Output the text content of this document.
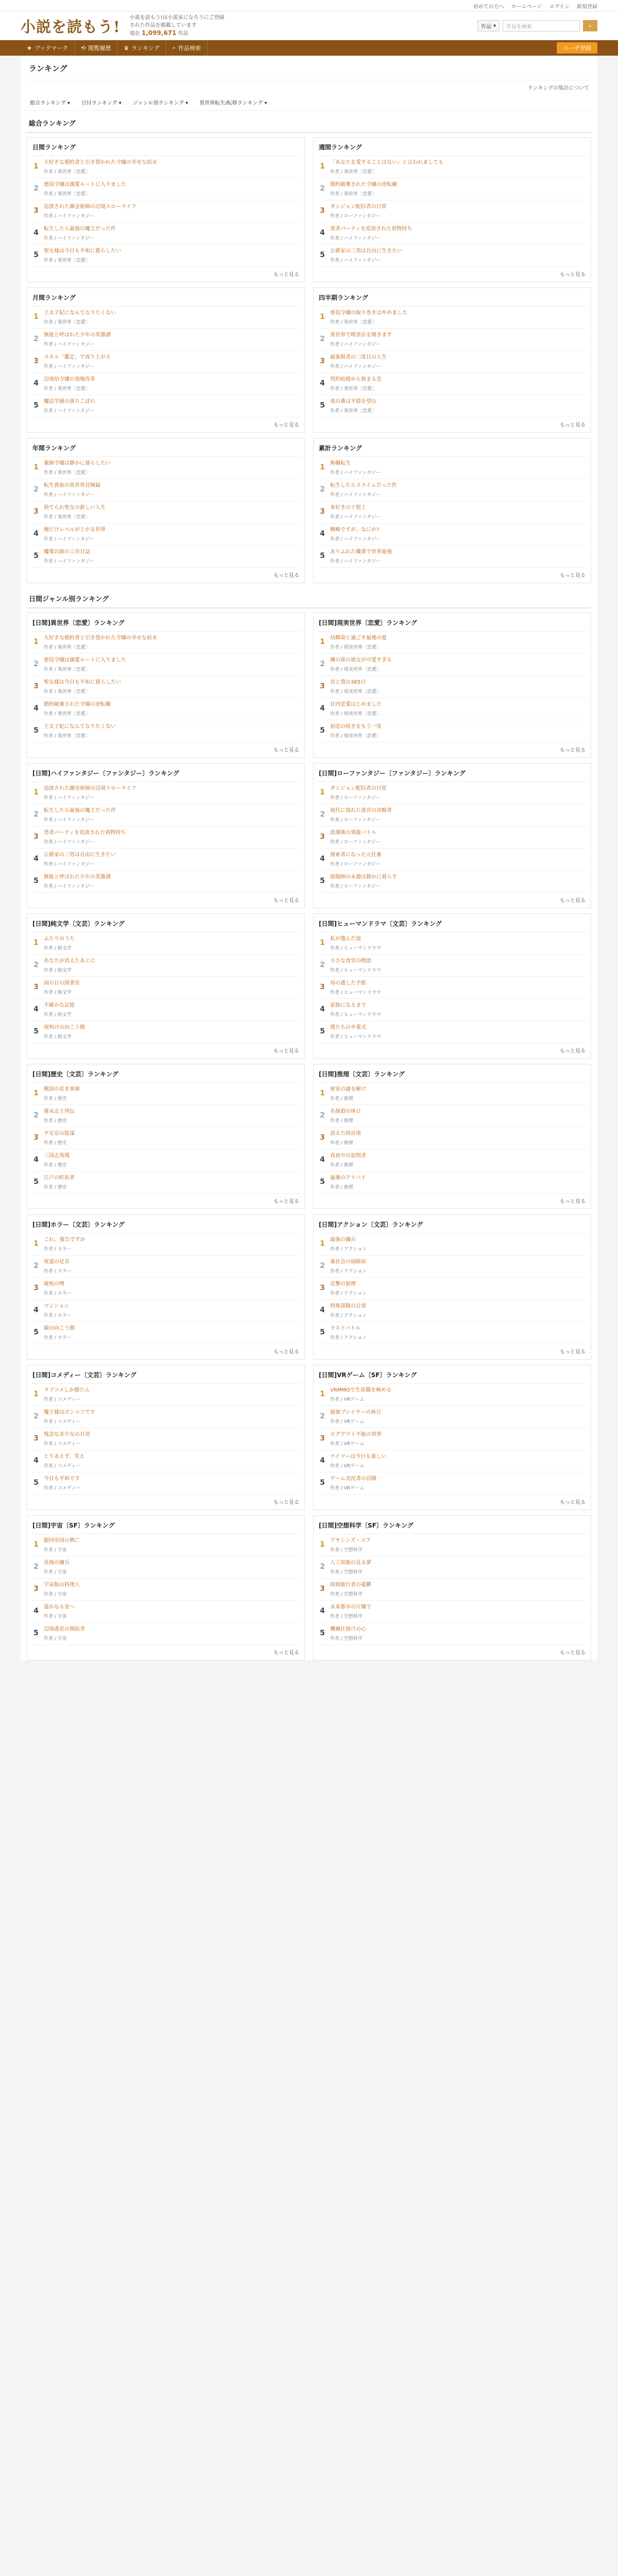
初めての方へ ホームページ ログイン 新規登録
小説を読もう! 小説を読もう!は小説家になろうにご登録
された作品を掲載しています
現在 1,099,671 作品
作品 ▾	作品を検索	⌕
★ ブックマーク ⟲ 閲覧履歴 ♛ ランキング ⌕ 作品検索	ユーザ登録
ランキング
ランキングの集計について
総合ランキング ▾ 日付ランキング ▾ ジャンル別ランキング ▾ 異世界転生/転移ランキング ▾
総合ランキング
日間ランキング
1 大好きな婚約者と引き裂かれた令嬢の幸せな結末
作者 / 異世界〔恋愛〕
2 悪役令嬢は溺愛ルートに入りました
作者 / 異世界〔恋愛〕
3 追放された錬金術師の辺境スローライフ
作者 / ハイファンタジー
4 転生したら最強の魔王だった件
作者 / ハイファンタジー
5 聖女様は今日も平和に暮らしたい
作者 / 異世界〔恋愛〕
もっと見る
週間ランキング
1 「あなたを愛することはない」と言われましても
作者 / 異世界〔恋愛〕
2 婚約破棄された令嬢の逆転劇
作者 / 異世界〔恋愛〕
3 ダンジョン配信者の日常
作者 / ローファンタジー
4 勇者パーティを追放された荷物持ち
作者 / ハイファンタジー
5 公爵家の三男は自由に生きたい
作者 / ハイファンタジー
もっと見る
月間ランキング
1 王太子妃になんてなりたくない
作者 / 異世界〔恋愛〕
2 無能と呼ばれた少年の英雄譚
作者 / ハイファンタジー
3 スキル「鑑定」で成り上がる
作者 / ハイファンタジー
4 辺境伯令嬢の領地改革
作者 / 異世界〔恋愛〕
5 魔法学園の落ちこぼれ
作者 / ハイファンタジー
もっと見る
四半期ランキング
1 悪役令嬢の取り巻きはやめました
作者 / 異世界〔恋愛〕
2 異世界で喫茶店を開きます
作者 / ハイファンタジー
3 最強賢者の二度目の人生
作者 / ハイファンタジー
4 契約結婚から始まる恋
作者 / 異世界〔恋愛〕
5 竜の番は平穏を望む
作者 / 異世界〔恋愛〕
もっと見る
年間ランキング
1 薬師令嬢は静かに暮らしたい
作者 / 異世界〔恋愛〕
2 転生貴族の異世界冒険録
作者 / ハイファンタジー
3 捨てられ聖女の新しい人生
作者 / 異世界〔恋愛〕
4 俺だけレベルが上がる世界
作者 / ハイファンタジー
5 魔導具師の工房日誌
作者 / ハイファンタジー
もっと見る
累計ランキング
1 無職転生
作者 / ハイファンタジー
2 転生したらスライムだった件
作者 / ハイファンタジー
3 本好きの下剋上
作者 / ハイファンタジー
4 蜘蛛ですが、なにか?
作者 / ハイファンタジー
5 ありふれた職業で世界最強
作者 / ハイファンタジー
もっと見る
日間ジャンル別ランキング
[日間]異世界〔恋愛〕ランキング
1 大好きな婚約者と引き裂かれた令嬢の幸せな結末
作者 / 異世界〔恋愛〕
2 悪役令嬢は溺愛ルートに入りました
作者 / 異世界〔恋愛〕
3 聖女様は今日も平和に暮らしたい
作者 / 異世界〔恋愛〕
4 婚約破棄された令嬢の逆転劇
作者 / 異世界〔恋愛〕
5 王太子妃になんてなりたくない
作者 / 異世界〔恋愛〕
もっと見る
[日間]現実世界〔恋愛〕ランキング
1 幼馴染と過ごす最後の夏
作者 / 現実世界〔恋愛〕
2 隣の席の彼女が可愛すぎる
作者 / 現実世界〔恋愛〕
3 君と僕の365日
作者 / 現実世界〔恋愛〕
4 社内恋愛はじめました
作者 / 現実世界〔恋愛〕
5 初恋の続きをもう一度
作者 / 現実世界〔恋愛〕
もっと見る
[日間]ハイファンタジー〔ファンタジー〕ランキング
1 追放された錬金術師の辺境スローライフ
作者 / ハイファンタジー
2 転生したら最強の魔王だった件
作者 / ハイファンタジー
3 勇者パーティを追放された荷物持ち
作者 / ハイファンタジー
4 公爵家の三男は自由に生きたい
作者 / ハイファンタジー
5 無能と呼ばれた少年の英雄譚
作者 / ハイファンタジー
もっと見る
[日間]ローファンタジー〔ファンタジー〕ランキング
1 ダンジョン配信者の日常
作者 / ローファンタジー
2 現代に現れた迷宮の攻略者
作者 / ローファンタジー
3 放課後の異能バトル
作者 / ローファンタジー
4 探索者になった元社畜
作者 / ローファンタジー
5 陰陽師の末裔は静かに暮らす
作者 / ローファンタジー
もっと見る
[日間]純文学〔文芸〕ランキング
1 ふたりのうた
作者 / 純文学
2 あなたが消えたあとに
作者 / 純文学
3 雨の日の図書室
作者 / 純文学
4 不確かな記憶
作者 / 純文学
5 夜明けの向こう側
作者 / 純文学
もっと見る
[日間]ヒューマンドラマ〔文芸〕ランキング
1 私が選んだ道
作者 / ヒューマンドラマ
2 小さな食堂の物語
作者 / ヒューマンドラマ
3 母の遺した手紙
作者 / ヒューマンドラマ
4 家族になるまで
作者 / ヒューマンドラマ
5 僕たちの卒業式
作者 / ヒューマンドラマ
もっと見る
[日間]歴史〔文芸〕ランキング
1 戦国の若き軍師
作者 / 歴史
2 幕末志士列伝
作者 / 歴史
3 平安京の陰謀
作者 / 歴史
4 三国志異聞
作者 / 歴史
5 江戸の町医者
作者 / 歴史
もっと見る
[日間]推理〔文芸〕ランキング
1 密室の謎を解け
作者 / 推理
2 名探偵の休日
作者 / 推理
3 消えた時計塔
作者 / 推理
4 真夜中の訪問者
作者 / 推理
5 最後のアリバイ
作者 / 推理
もっと見る
[日間]ホラー〔文芸〕ランキング
1 これ、報告ですか
作者 / ホラー
2 夜道の足音
作者 / ホラー
3 廃校の噂
作者 / ホラー
4 マンション
作者 / ホラー
5 鏡の向こう側
作者 / ホラー
もっと見る
[日間]アクション〔文芸〕ランキング
1 最強の傭兵
作者 / アクション
2 裏社会の掃除屋
作者 / アクション
3 反撃の狼煙
作者 / アクション
4 特殊部隊の日常
作者 / アクション
5 ラストバトル
作者 / アクション
もっと見る
[日間]コメディー〔文芸〕ランキング
1 ラブコメしか勝たん
作者 / コメディー
2 魔王様はポンコツです
作者 / コメディー
3 残念な美少女の日常
作者 / コメディー
4 とりあえず、笑え
作者 / コメディー
5 今日も平和です
作者 / コメディー
もっと見る
[日間]VRゲーム〔SF〕ランキング
1 VRMMOで生産職を極める
作者 / VRゲーム
2 最強プレイヤーの休日
作者 / VRゲーム
3 ログアウト不能の世界
作者 / VRゲーム
4 テイマーは今日も楽しい
作者 / VRゲーム
5 ゲーム実況者の冒険
作者 / VRゲーム
もっと見る
[日間]宇宙〔SF〕ランキング
1 銀河帝国の興亡
作者 / 宇宙
2 星海の傭兵
作者 / 宇宙
3 宇宙船の料理人
作者 / 宇宙
4 遥かなる星へ
作者 / 宇宙
5 辺境惑星の開拓者
作者 / 宇宙
もっと見る
[日間]空想科学〔SF〕ランキング
1 アサシンズ・コア
作者 / 空想科学
2 人工知能の見る夢
作者 / 空想科学
3 時間旅行者の憂鬱
作者 / 空想科学
4 未来都市の片隅で
作者 / 空想科学
5 機械仕掛けの心
作者 / 空想科学
もっと見る
